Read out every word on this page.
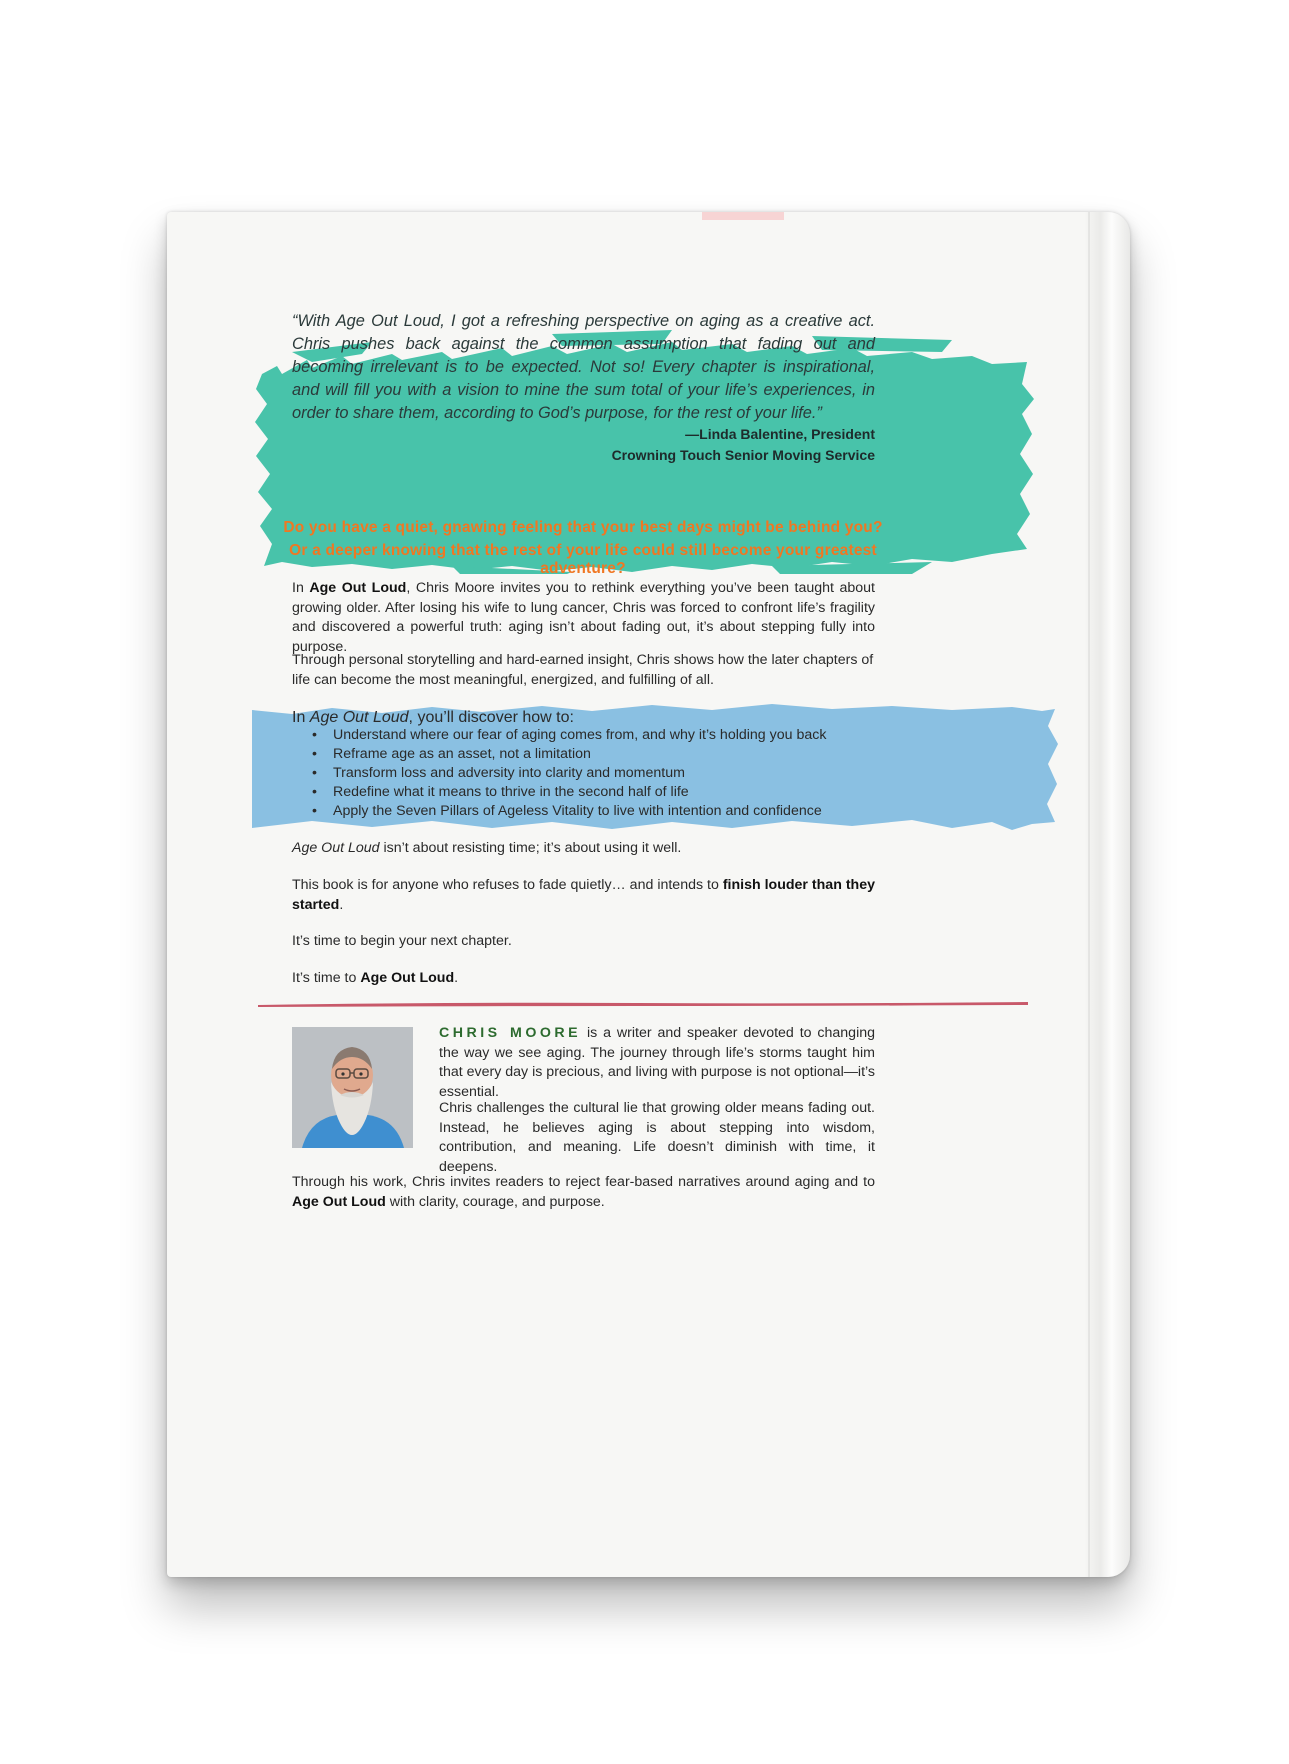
“With Age Out Loud, I got a refreshing perspective on aging as a creative act. Chris pushes back against the common assumption that fading out and becoming irrelevant is to be expected. Not so! Every chapter is inspirational, and will fill you with a vision to mine the sum total of your life’s experiences, in order to share them, according to God’s purpose, for the rest of your life.”
—Linda Balentine, President
Crowning Touch Senior Moving Service
Do you have a quiet, gnawing feeling that your best days might be behind you?
Or a deeper knowing that the rest of your life could still become your greatest adventure?
In Age Out Loud, Chris Moore invites you to rethink everything you’ve been taught about growing older. After losing his wife to lung cancer, Chris was forced to confront life’s fragility and discovered a powerful truth: aging isn’t about fading out, it’s about stepping fully into purpose.
Through personal storytelling and hard-earned insight, Chris shows how the later chapters of life can become the most meaningful, energized, and fulfilling of all.
In Age Out Loud, you’ll discover how to:
• Understand where our fear of aging comes from, and why it’s holding you back
• Reframe age as an asset, not a limitation
• Transform loss and adversity into clarity and momentum
• Redefine what it means to thrive in the second half of life
• Apply the Seven Pillars of Ageless Vitality to live with intention and confidence
Age Out Loud isn’t about resisting time; it’s about using it well.
This book is for anyone who refuses to fade quietly… and intends to finish louder than they started.
It’s time to begin your next chapter.
It’s time to Age Out Loud.
CHRIS MOORE is a writer and speaker devoted to changing the way we see aging. The journey through life’s storms taught him that every day is precious, and living with purpose is not optional—it’s essential.
Chris challenges the cultural lie that growing older means fading out. Instead, he believes aging is about stepping into wisdom, contribution, and meaning. Life doesn’t diminish with time, it deepens.
Through his work, Chris invites readers to reject fear-based narratives around aging and to Age Out Loud with clarity, courage, and purpose.
